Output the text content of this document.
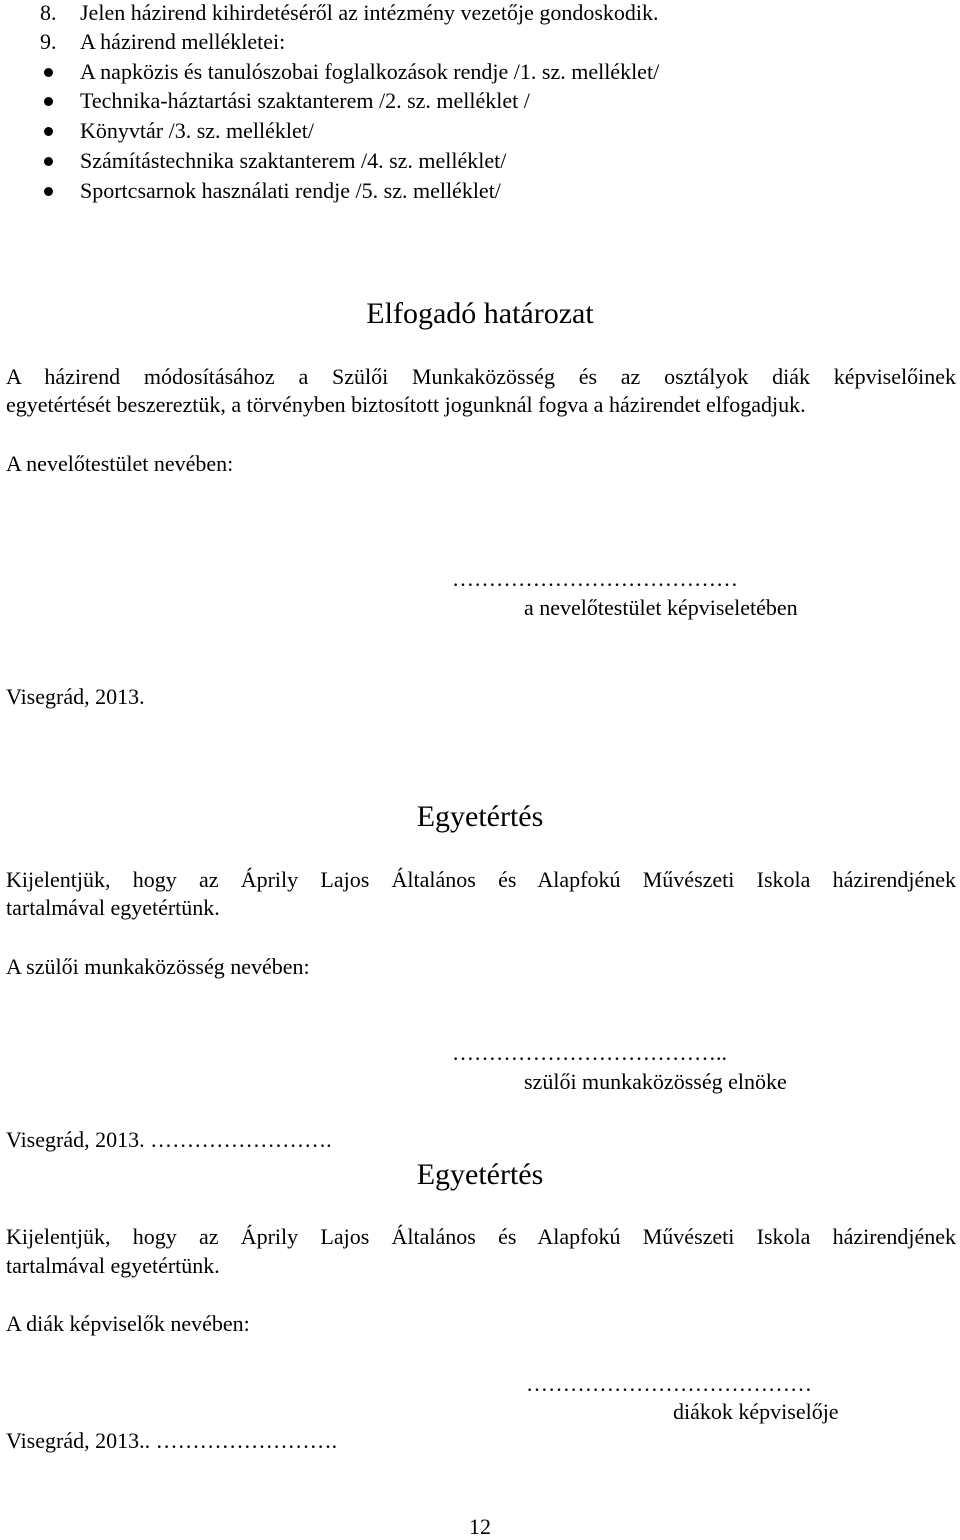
8. Jelen házirend kihirdetéséről az intézmény vezetője gondoskodik.
9. A házirend mellékletei:
A napközis és tanulószobai foglalkozások rendje /1. sz. melléklet/
Technika-háztartási szaktanterem /2. sz. melléklet /
Könyvtár /3. sz. melléklet/
Számítástechnika szaktanterem /4. sz. melléklet/
Sportcsarnok használati rendje /5. sz. melléklet/
Elfogadó határozat
A házirend módosításához a Szülői Munkaközösség és az osztályok diák képviselőinek
egyetértését beszereztük, a törvényben biztosított jogunknál fogva a házirendet elfogadjuk.
A nevelőtestület nevében:
…………………………………
a nevelőtestület képviseletében
Visegrád, 2013.
Egyetértés
Kijelentjük, hogy az Áprily Lajos Általános és Alapfokú Művészeti Iskola házirendjének
tartalmával egyetértünk.
A szülői munkaközösség nevében:
………………………………..
szülői munkaközösség elnöke
Visegrád, 2013. …………………….
Egyetértés
Kijelentjük, hogy az Áprily Lajos Általános és Alapfokú Művészeti Iskola házirendjének
tartalmával egyetértünk.
A diák képviselők nevében:
…………………………………
diákok képviselője
Visegrád, 2013.. …………………….
12
